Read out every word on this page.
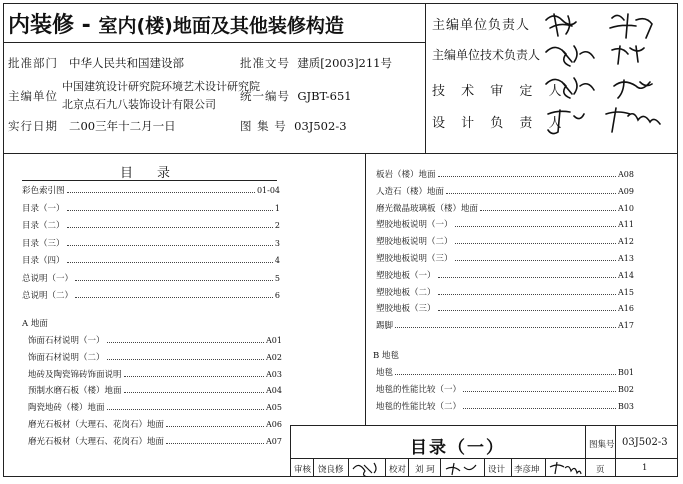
内装修 - 室内(楼)地面及其他装修构造
批准部门 中华人民共和国建设部	批准文号 建质[2003]211号
主编单位
中国建筑设计研究院环境艺术设计研究院
北京点石九八装饰设计有限公司
统一编号 GJBT-651
实行日期 二00三年十二月一日	图 集 号 03J502-3
主编单位负责人
主编单位技术负责人
技 术 审 定 人
设 计 负 责 人
目录
彩色索引图	01-04
目录（一）	1
目录（二）	2
目录（三）	3
目录（四）	4
总说明（一）	5
总说明（二）	6
A 地面
饰面石材说明（一）	A01
饰面石材说明（二）	A02
地砖及陶瓷锦砖饰面说明	A03
预制水磨石板（楼）地面	A04
陶瓷地砖（楼）地面	A05
磨光石板材（大理石、花岗石）地面	A06
磨光石板材（大理石、花岗石）地面	A07
板岩（楼）地面	A08
人造石（楼）地面	A09
磨光微晶玻璃板（楼）地面	A10
塑胶地板说明（一）	A11
塑胶地板说明（二）	A12
塑胶地板说明（三）	A13
塑胶地板（一）	A14
塑胶地板（二）	A15
塑胶地板（三）	A16
踢脚	A17
B 地毯
地毯	B01
地毯的性能比较（一）	B02
地毯的性能比较（二）	B03
目录（一）	图集号 03J502-3
审核 饶良修	校对 刘 珂	设计 李彦坤	页	1
